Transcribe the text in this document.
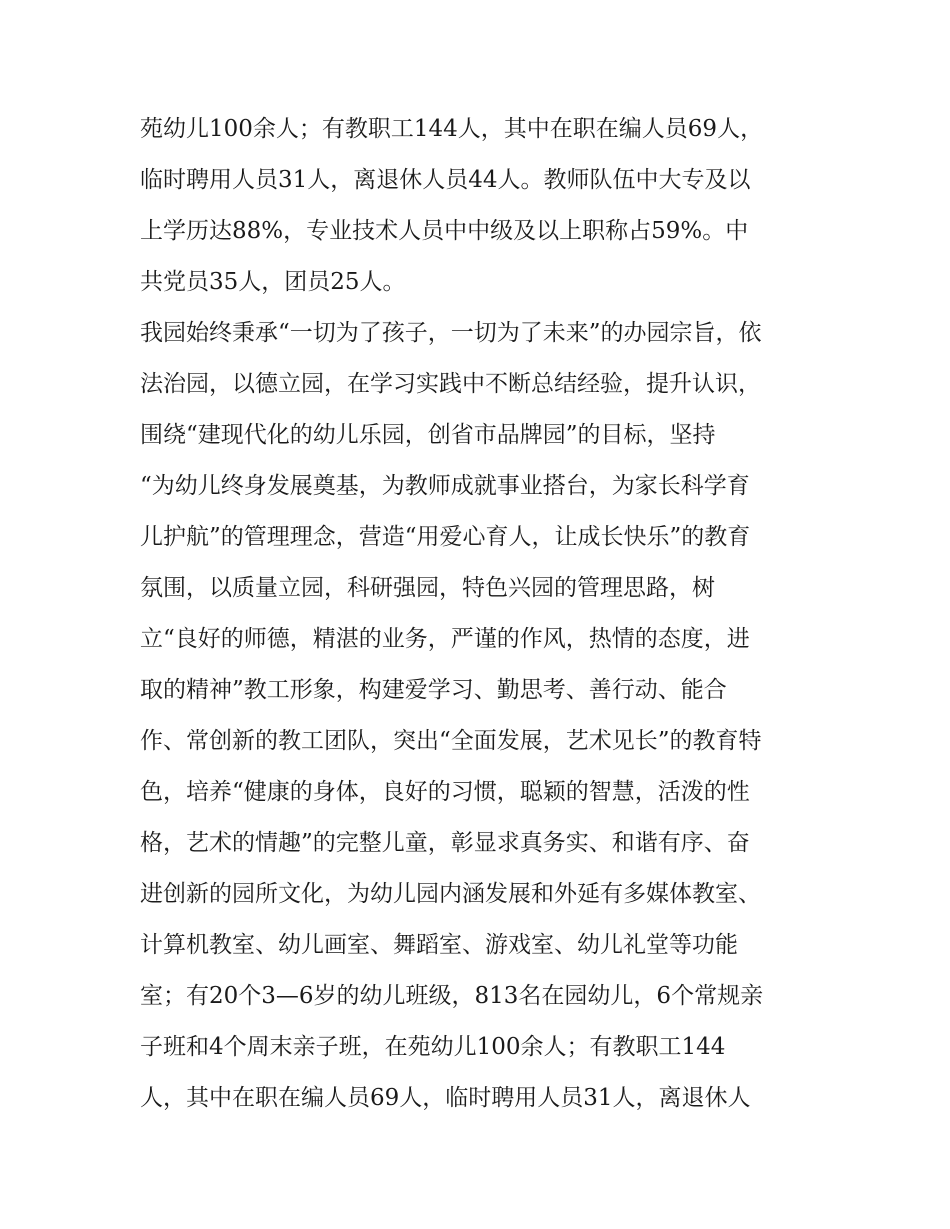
苑幼儿100余人；有教职工144人，其中在职在编人员69人，
临时聘用人员31人，离退休人员44人。教师队伍中大专及以
上学历达88%，专业技术人员中中级及以上职称占59%。中
共党员35人，团员25人。
我园始终秉承“一切为了孩子，一切为了未来”的办园宗旨，依
法治园，以德立园，在学习实践中不断总结经验，提升认识，
围绕“建现代化的幼儿乐园，创省市品牌园”的目标，坚持
“为幼儿终身发展奠基，为教师成就事业搭台，为家长科学育
儿护航”的管理理念，营造“用爱心育人，让成长快乐”的教育
氛围，以质量立园，科研强园，特色兴园的管理思路，树
立“良好的师德，精湛的业务，严谨的作风，热情的态度，进
取的精神”教工形象，构建爱学习、勤思考、善行动、能合
作、常创新的教工团队，突出“全面发展，艺术见长”的教育特
色，培养“健康的身体，良好的习惯，聪颖的智慧，活泼的性
格，艺术的情趣”的完整儿童，彰显求真务实、和谐有序、奋
进创新的园所文化，为幼儿园内涵发展和外延有多媒体教室、
计算机教室、幼儿画室、舞蹈室、游戏室、幼儿礼堂等功能
室；有20个3—6岁的幼儿班级，813名在园幼儿，6个常规亲
子班和4个周末亲子班，在苑幼儿100余人；有教职工144
人，其中在职在编人员69人，临时聘用人员31人，离退休人
